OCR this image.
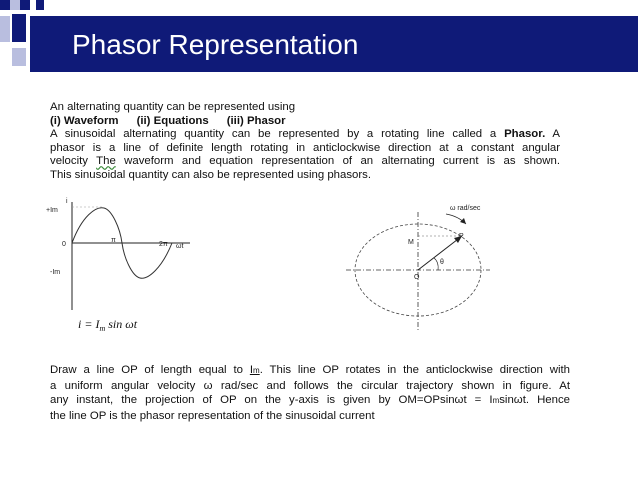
Phasor Representation
An alternating quantity can be represented using
(i) Waveform (ii) Equations (iii) Phasor
A sinusoidal alternating quantity can be represented by a rotating line called a Phasor. A
phasor is a line of definite length rotating in anticlockwise direction at a constant angular
velocity The waveform and equation representation of an alternating current is as shown.
This sinusoidal quantity can also be represented using phasors.
i
+Im
0
π
2π ωt
-Im
$i = I_m$ sin ωt
ω rad/sec
M
P
θ
O
Draw a line OP of length equal to Im. This line OP rotates in the anticlockwise direction with
a uniform angular velocity ω rad/sec and follows the circular trajectory shown in figure. At
any instant, the projection of OP on the y-axis is given by OM=OPsinωt = Imsinωt. Hence
the line OP is the phasor representation of the sinusoidal current
